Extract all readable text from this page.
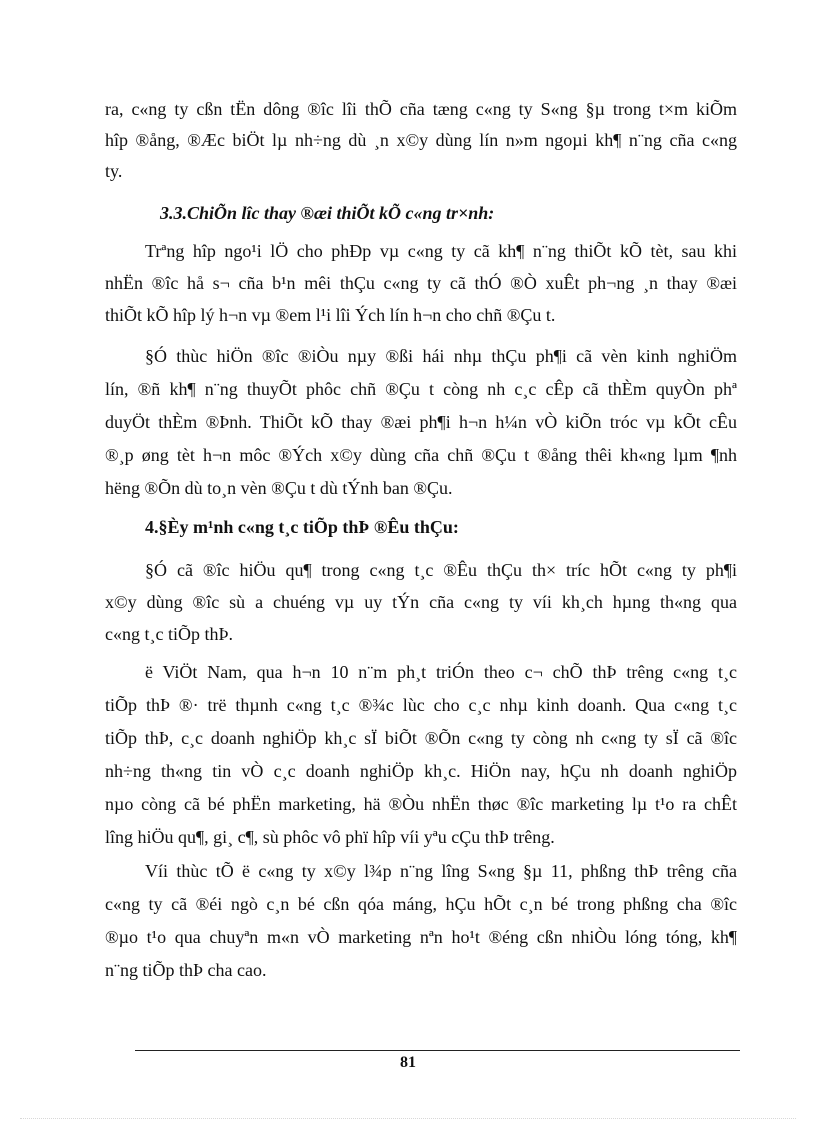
ra, c«ng ty cßn tËn dông ®îc lîi thÕ cña tæng c«ng ty S«ng §µ trong t×m kiÕm
hîp ®ång, ®Æc biÖt lµ nh÷ng dù ¸n x©y dùng lín n»m ngoµi kh¶ n¨ng cña c«ng
ty.
3.3.ChiÕn lîc thay ®æi thiÕt kÕ c«ng tr×nh:
Trªng hîp ngo¹i lÖ cho phÐp vµ c«ng ty cã kh¶ n¨ng thiÕt kÕ tèt, sau khi
nhËn ®îc hå s¬ cña b¹n mêi thÇu c«ng ty cã thÓ ®Ò xuÊt ph¬ng ¸n thay ®æi
thiÕt kÕ hîp lý h¬n vµ ®em l¹i lîi Ých lín h¬n cho chñ ®Çu t.
§Ó thùc hiÖn ®îc ®iÒu nµy ®ßi hái nhµ thÇu ph¶i cã vèn kinh nghiÖm
lín, ®ñ kh¶ n¨ng thuyÕt phôc chñ ®Çu t còng nh c¸c cÊp cã thÈm quyÒn phª
duyÖt thÈm ®Þnh. ThiÕt kÕ thay ®æi ph¶i h¬n h¼n vÒ kiÕn tróc vµ kÕt cÊu
®¸p øng tèt h¬n môc ®Ých x©y dùng cña chñ ®Çu t ®ång thêi kh«ng lµm ¶nh
hëng ®Õn dù to¸n vèn ®Çu t dù tÝnh ban ®Çu.
4.§Èy m¹nh c«ng t¸c tiÕp thÞ ®Êu thÇu:
§Ó cã ®îc hiÖu qu¶ trong c«ng t¸c ®Êu thÇu th× tríc hÕt c«ng ty ph¶i
x©y dùng ®îc sù a chuéng vµ uy tÝn cña c«ng ty víi kh¸ch hµng th«ng qua
c«ng t¸c tiÕp thÞ.
ë ViÖt Nam, qua h¬n 10 n¨m ph¸t triÓn theo c¬ chÕ thÞ trêng c«ng t¸c
tiÕp thÞ ®· trë thµnh c«ng t¸c ®¾c lùc cho c¸c nhµ kinh doanh. Qua c«ng t¸c
tiÕp thÞ, c¸c doanh nghiÖp kh¸c sÏ biÕt ®Õn c«ng ty còng nh c«ng ty sÏ cã ®îc
nh÷ng th«ng tin vÒ c¸c doanh nghiÖp kh¸c. HiÖn nay, hÇu nh doanh nghiÖp
nµo còng cã bé phËn marketing, hä ®Òu nhËn thøc ®îc marketing lµ t¹o ra chÊt
lîng hiÖu qu¶, gi¸ c¶, sù phôc vô phï hîp víi yªu cÇu thÞ trêng.
Víi thùc tÕ ë c«ng ty x©y l¾p n¨ng lîng S«ng §µ 11, phßng thÞ trêng cña
c«ng ty cã ®éi ngò c¸n bé cßn qóa máng, hÇu hÕt c¸n bé trong phßng cha ®îc
®µo t¹o qua chuyªn m«n vÒ marketing nªn ho¹t ®éng cßn nhiÒu lóng tóng, kh¶
n¨ng tiÕp thÞ cha cao.
81
